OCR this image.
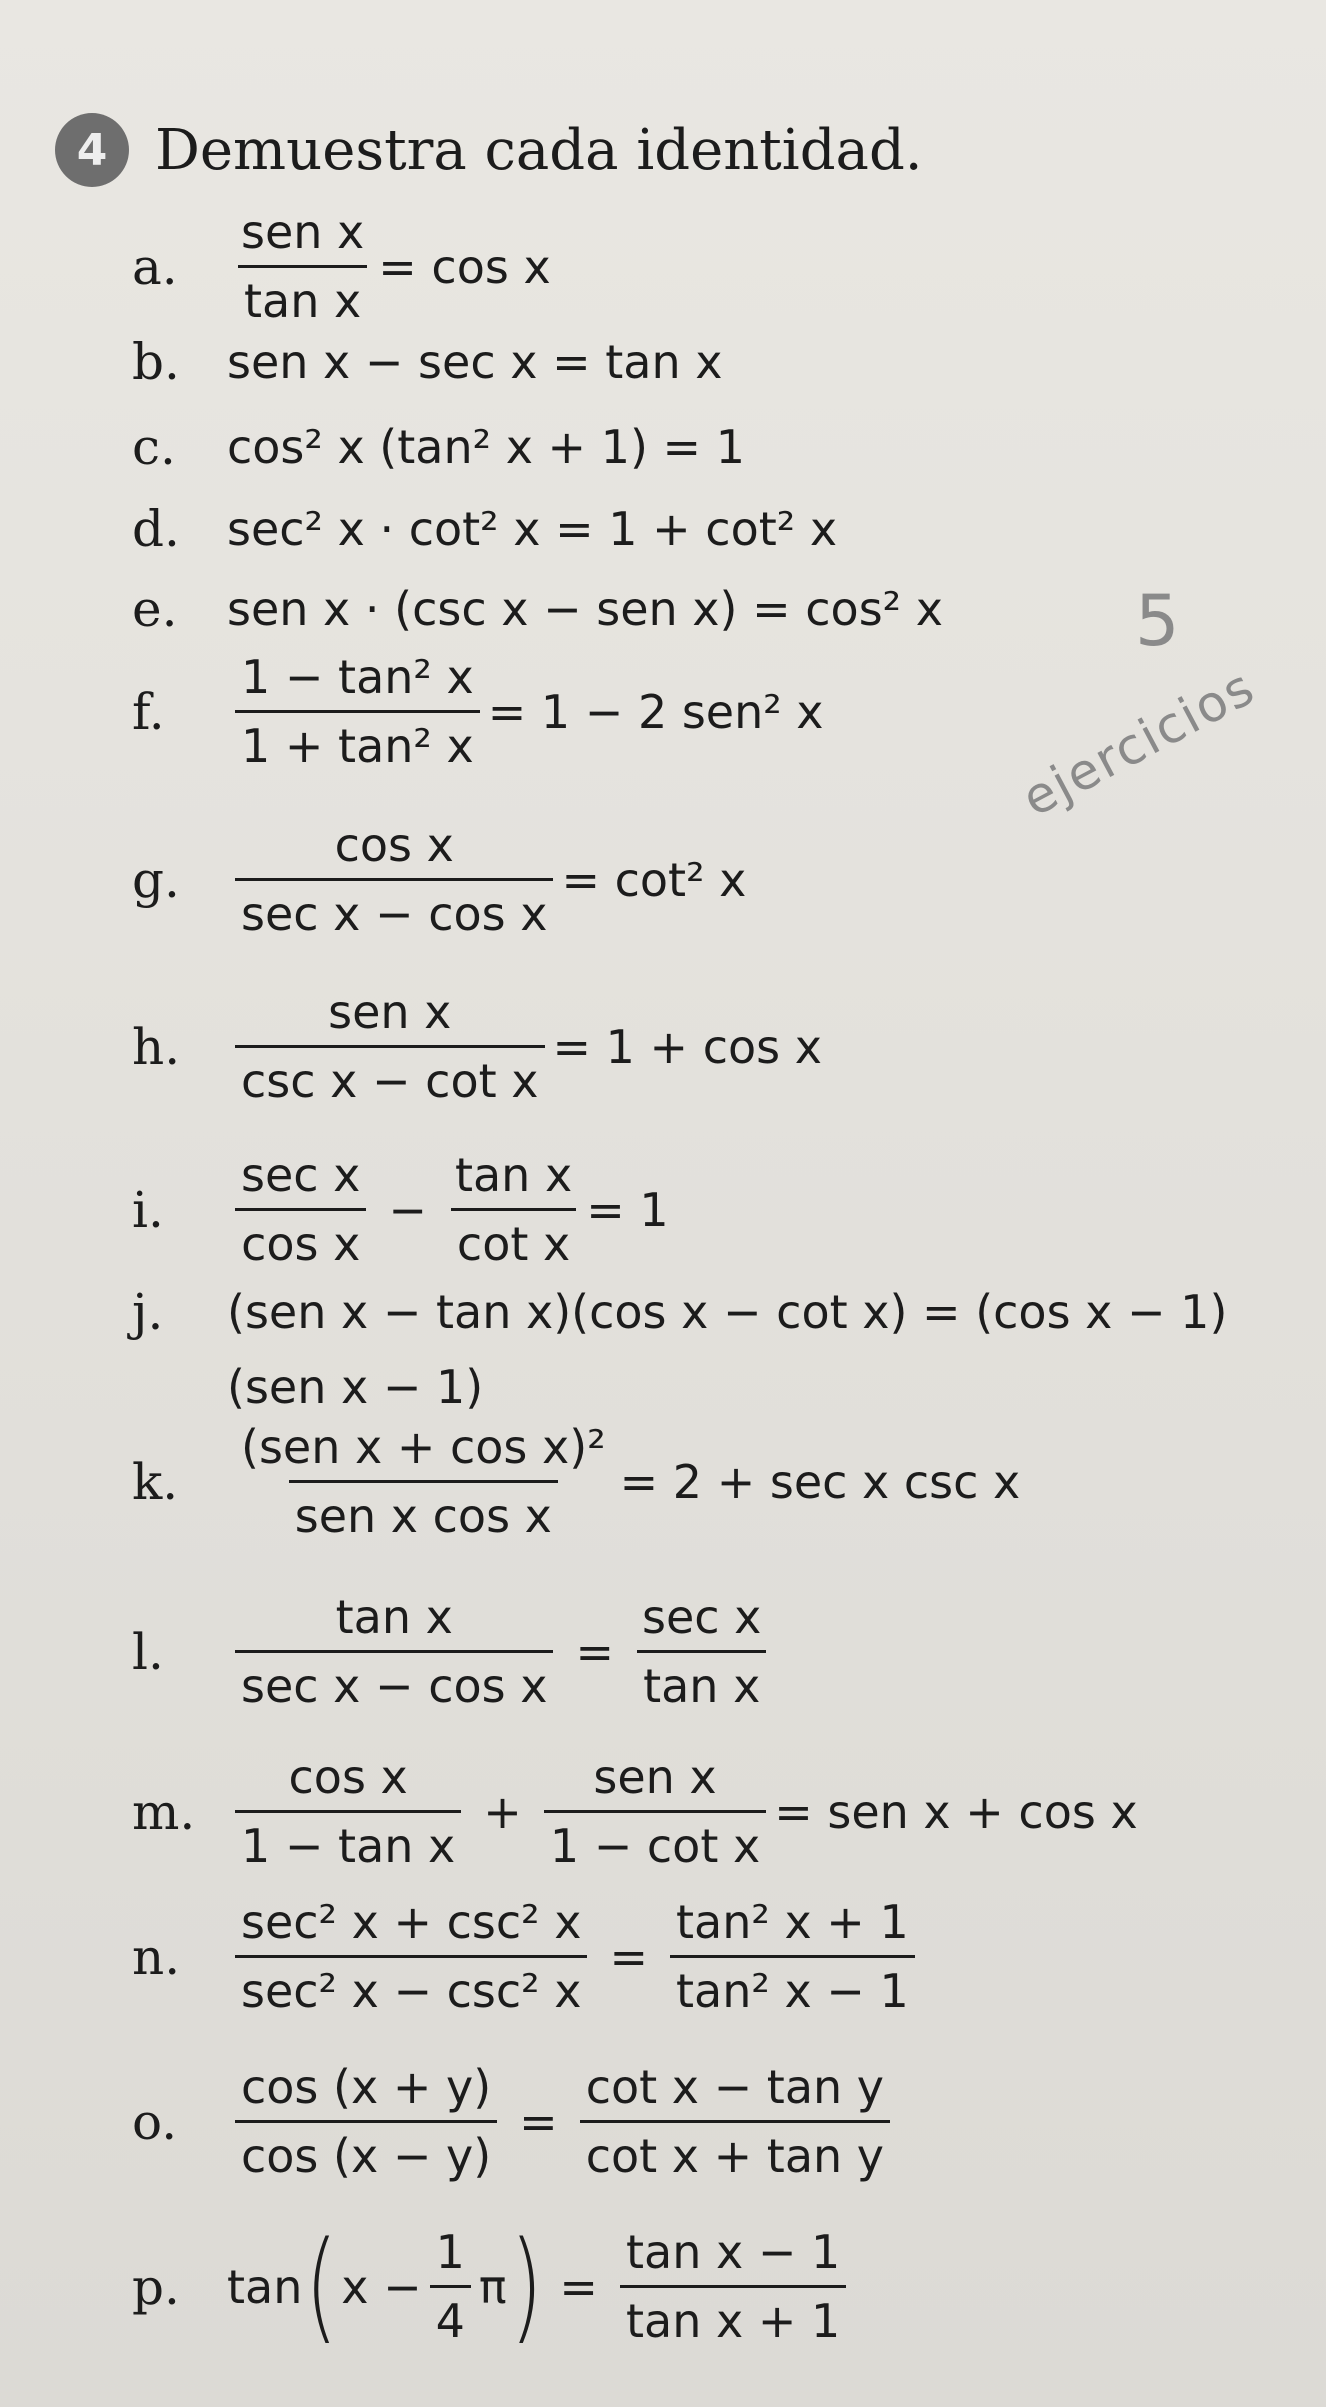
4 Demuestra cada identidad.
5
ejercicios
a.	$\frac{\text{sen x}}{\text{tan x}} = \cos x$
b.	sen x − sec x = tan x
c.	cos² x (tan² x + 1) = 1
d.	sec² x · cot² x = 1 + cot² x
e.	sen x · (csc x − sen x) = cos² x
f.	$\frac{\text{1 − tan² x}}{\text{1 + tan² x}} = 1 - 2$ sen² x
g.	$\frac{\text{cos x}}{\text{sec x − cos x}} = \cot^2$ x
h.	$\frac{\text{sen x}}{\text{csc x − cot x}} = 1 + \cos x$
i.	$\frac{\text{sec x}}{\text{cos x}} - \frac{\text{tan x}}{\text{cot x}} = 1$
j.	(sen x − tan x)(cos x − cot x) = (cos x − 1)
(sen x − 1)
k.	$\frac{\text{(sen x + cos x)²}}{\text{sen x cos x}} = 2 + \sec x$ csc x
l.	$\frac{\text{tan x}}{\text{sec x − cos x}} = \frac{\text{sec x}}{\text{tan x}}$
m. $\frac{\text{cos x}}{\text{1 − tan x}} + \frac{\text{sen x}}{\text{1 − cot x}}$ = sen x + cos x
n.	$\frac{\text{sec² x + csc² x}}{\text{sec² x − csc² x}} = \frac{\text{tan² x + 1}}{\text{tan² x − 1}}$
o.	$\frac{\cos (x + y)}{\cos (x - y)} = \frac{\text{cot x − tan y}}{\text{cot x + tan y}}$
p.	tan ( $x - \frac{1}{4}$ π ) = $\frac{\text{tan x − 1}}{\text{tan x + 1}}$
